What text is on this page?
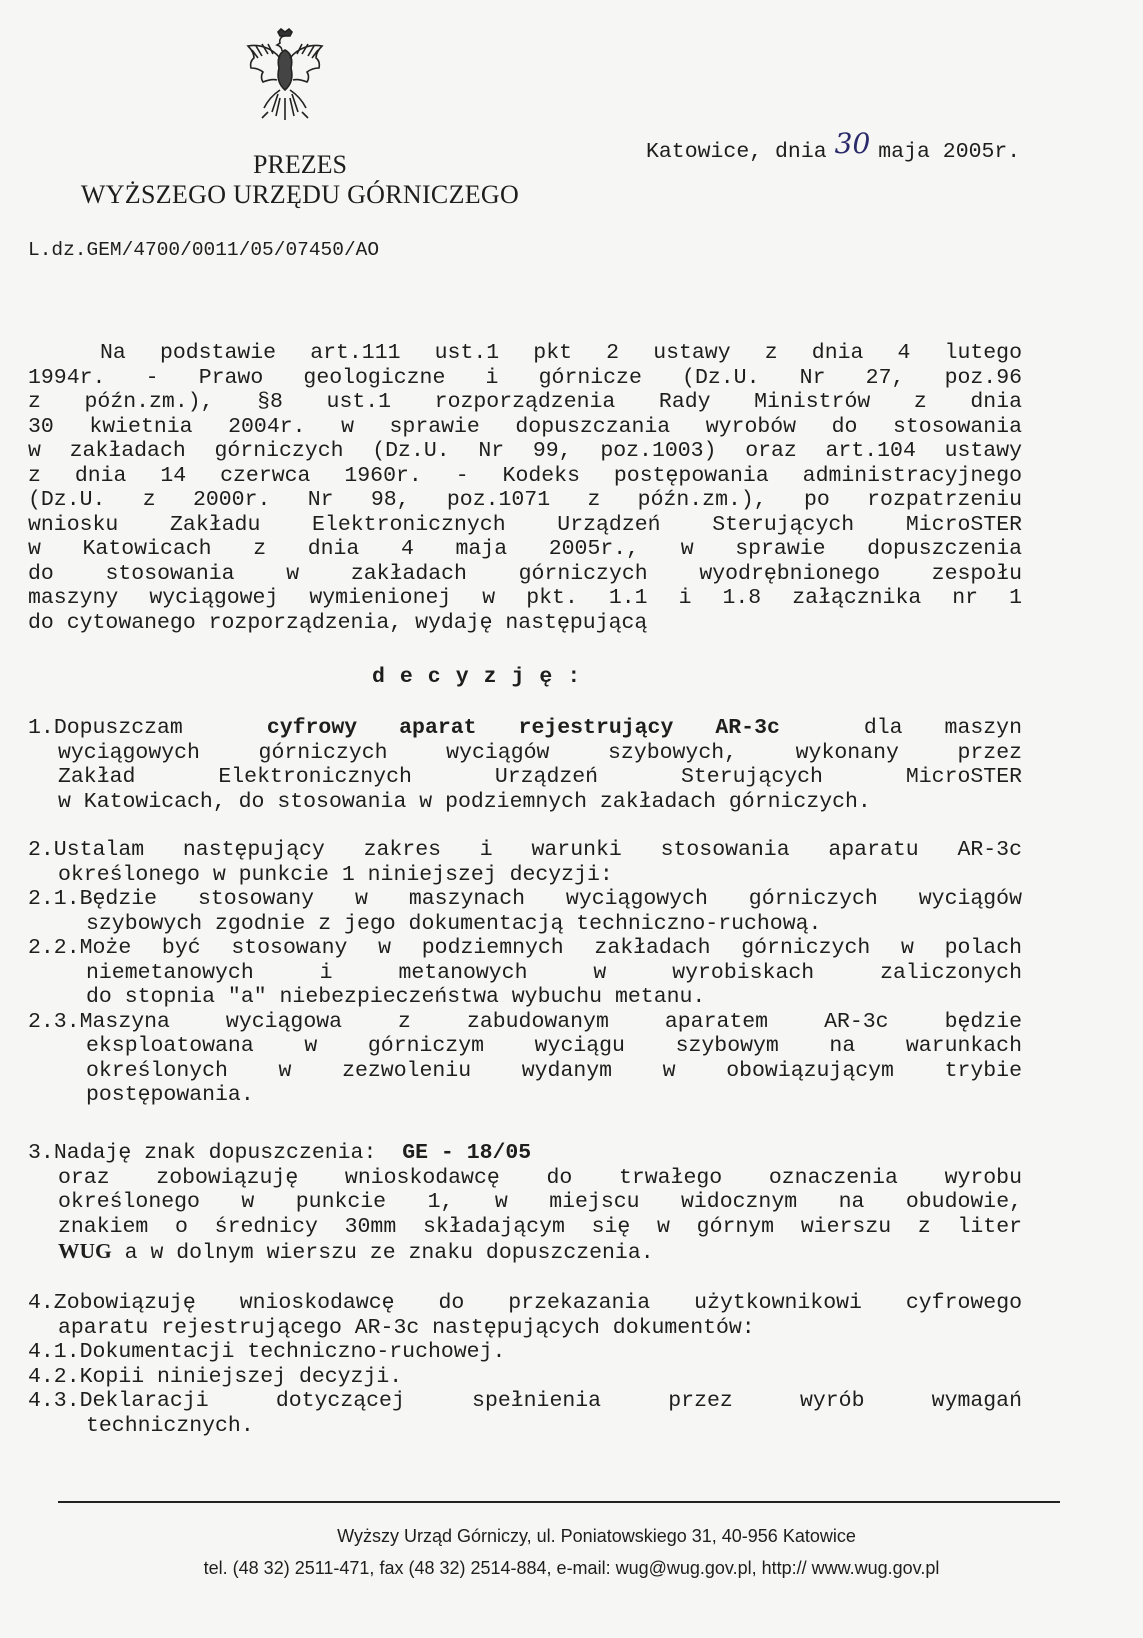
PREZES
WYŻSZEGO URZĘDU GÓRNICZEGO
Katowice, dnia 30 maja 2005r.
L.dz.GEM/4700/0011/05/07450/AO
Na podstawie art.111 ust.1 pkt 2 ustawy z dnia 4 lutego
1994r. - Prawo geologiczne i górnicze (Dz.U. Nr 27, poz.96
z późn.zm.), §8 ust.1 rozporządzenia Rady Ministrów z dnia
30 kwietnia 2004r. w sprawie dopuszczania wyrobów do stosowania
w zakładach górniczych (Dz.U. Nr 99, poz.1003) oraz art.104 ustawy
z dnia 14 czerwca 1960r. - Kodeks postępowania administracyjnego
(Dz.U. z 2000r. Nr 98, poz.1071 z późn.zm.), po rozpatrzeniu
wniosku Zakładu Elektronicznych Urządzeń Sterujących MicroSTER
w Katowicach z dnia 4 maja 2005r., w sprawie dopuszczenia
do stosowania w zakładach górniczych wyodrębnionego zespołu
maszyny wyciągowej wymienionej w pkt. 1.1 i 1.8 załącznika nr 1
do cytowanego rozporządzenia, wydaję następującą
decyzję:
1.Dopuszczam	cyfrowy aparat rejestrujący AR-3c	dla maszyn
wyciągowych górniczych wyciągów szybowych, wykonany przez
Zakład Elektronicznych Urządzeń Sterujących MicroSTER
w Katowicach, do stosowania w podziemnych zakładach górniczych.
2.Ustalam następujący zakres i warunki stosowania aparatu AR-3c
określonego w punkcie 1 niniejszej decyzji:
2.1.Będzie stosowany w maszynach wyciągowych górniczych wyciągów
szybowych zgodnie z jego dokumentacją techniczno-ruchową.
2.2.Może być stosowany w podziemnych zakładach górniczych w polach
niemetanowych i metanowych w wyrobiskach zaliczonych
do stopnia "a" niebezpieczeństwa wybuchu metanu.
2.3.Maszyna wyciągowa z zabudowanym aparatem AR-3c będzie
eksploatowana w górniczym wyciągu szybowym na warunkach
określonych w zezwoleniu wydanym w obowiązującym trybie
postępowania.
3.Nadaję znak dopuszczenia: GE - 18/05
oraz zobowiązuję wnioskodawcę do trwałego oznaczenia wyrobu
określonego w punkcie 1, w miejscu widocznym na obudowie,
znakiem o średnicy 30mm składającym się w górnym wierszu z liter
WUG a w dolnym wierszu ze znaku dopuszczenia.
4.Zobowiązuję wnioskodawcę do przekazania użytkownikowi cyfrowego
aparatu rejestrującego AR-3c następujących dokumentów:
4.1.Dokumentacji techniczno-ruchowej.
4.2.Kopii niniejszej decyzji.
4.3.Deklaracji dotyczącej spełnienia przez wyrób wymagań
technicznych.
Wyższy Urząd Górniczy, ul. Poniatowskiego 31, 40-956 Katowice
tel. (48 32) 2511-471, fax (48 32) 2514-884, e-mail: wug@wug.gov.pl, http:// www.wug.gov.pl
